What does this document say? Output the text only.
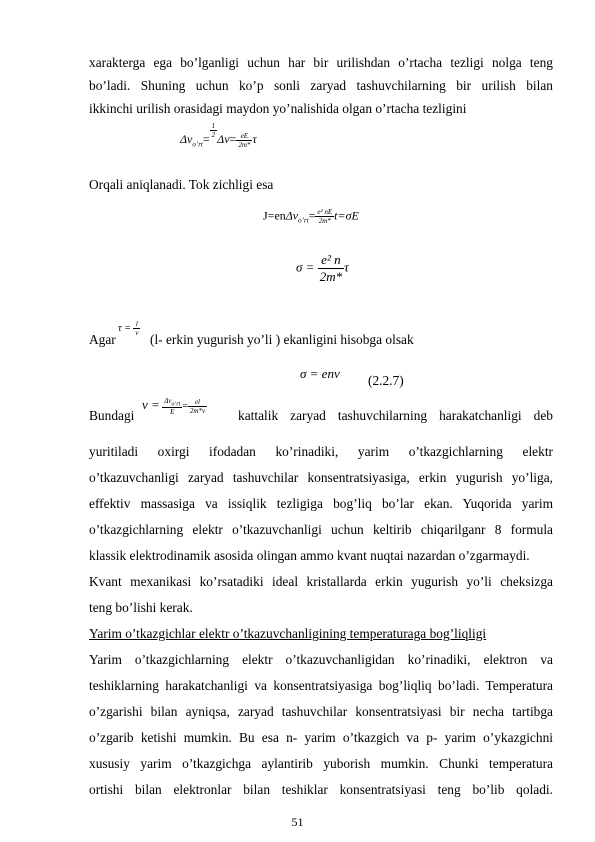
xarakterga ega bo’lganligi uchun har bir urilishdan o’rtacha tezligi nolga teng
bo’ladi. Shuning uchun ko’p sonli zaryad tashuvchilarning bir urilish bilan
ikkinchi urilish orasidagi maydon yo’nalishida olgan o’rtacha tezligini
$\Delta v_{o’rt}= \frac{1}{2} \Delta v= \frac{eE}{2m*}$ τ
Orqali aniqlanadi. Tok zichligi esa
$J=en\Delta v_{o’rt}= \frac{\text{e² nE}}{2m*} t=\sigma E$
$\sigma = \frac{\text{e² n}}{2m*}$ τ
Agar
$\tau = \frac{l}{v}$
(l- erkin yugurish yo’li ) ekanligini hisobga olsak
σ = enν (2.2.7)
Bundagi
$\nu = \frac{\Delta v_{o’rt}}{E} = \frac{el}{2m*v}$
kattalik zaryad tashuvchilarning harakatchanligi deb
yuritiladi oxirgi ifodadan ko’rinadiki, yarim o’tkazgichlarning elektr
o’tkazuvchanligi zaryad tashuvchilar konsentratsiyasiga, erkin yugurish yo’liga,
effektiv massasiga va issiqlik tezligiga bog’liq bo’lar ekan. Yuqorida yarim
o’tkazgichlarning elektr o’tkazuvchanligi uchun keltirib chiqarilganr 8 formula
klassik elektrodinamik asosida olingan ammo kvant nuqtai nazardan o’zgarmaydi.
Kvant mexanikasi ko’rsatadiki ideal kristallarda erkin yugurish yo’li cheksizga
teng bo’lishi kerak.
Yarim o’tkazgichlar elektr o’tkazuvchanligining temperaturaga bog’liqligi
Yarim o’tkazgichlarning elektr o’tkazuvchanligidan ko’rinadiki, elektron va
teshiklarning harakatchanligi va konsentratsiyasiga bog’liqliq bo’ladi. Temperatura
o’zgarishi bilan ayniqsa, zaryad tashuvchilar konsentratsiyasi bir necha tartibga
o’zgarib ketishi mumkin. Bu esa n- yarim o’tkazgich va p- yarim o’ykazgichni
xususiy yarim o’tkazgichga aylantirib yuborish mumkin. Chunki temperatura
ortishi bilan elektronlar bilan teshiklar konsentratsiyasi teng bo’lib qoladi.
51
